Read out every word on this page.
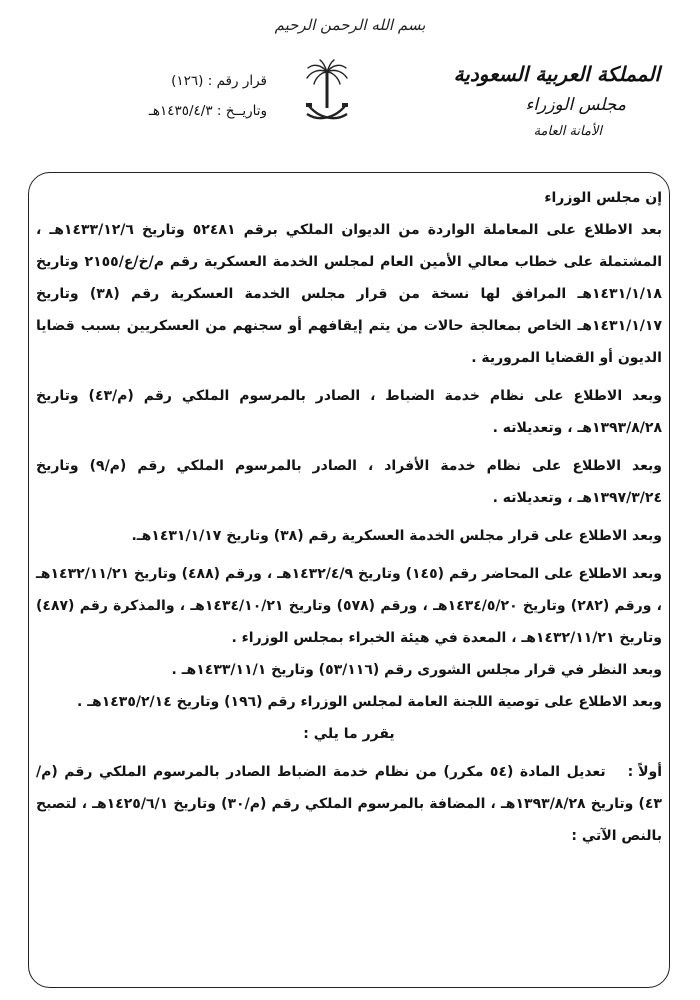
بسم الله الرحمن الرحيم
قرار رقم : (١٢٦)
وتاريــخ : ١٤٣٥/٤/٣هـ
المملكة العربية السعودية
مجلس الوزراء
الأمانة العامة

إن مجلس الوزراء

بعد الاطلاع على المعاملة الواردة من الديوان الملكي برقم ٥٢٤٨١ وتاريخ ١٤٣٣/١٢/٦هـ ، المشتملة على خطاب معالي الأمين العام لمجلس الخدمة العسكرية رقم م/خ/ع/٢١٥٥ وتاريخ ١٤٣١/١/١٨هـ المرافق لها نسخة من قرار مجلس الخدمة العسكرية رقم (٣٨) وتاريخ ١٤٣١/١/١٧هـ الخاص بمعالجة حالات من يتم إيقافهم أو سجنهم من العسكريين بسبب قضايا الديون أو القضايا المرورية .

وبعد الاطلاع على نظام خدمة الضباط ، الصادر بالمرسوم الملكي رقم (م/٤٣) وتاريخ ١٣٩٣/٨/٢٨هـ ، وتعديلاته .

وبعد الاطلاع على نظام خدمة الأفراد ، الصادر بالمرسوم الملكي رقم (م/٩) وتاريخ ١٣٩٧/٣/٢٤هـ ، وتعديلاته .

وبعد الاطلاع على قرار مجلس الخدمة العسكرية رقم (٣٨) وتاريخ ١٤٣١/١/١٧هـ.

وبعد الاطلاع على المحاضر رقم (١٤٥) وتاريخ ١٤٣٢/٤/٩هـ ، ورقم (٤٨٨) وتاريخ ١٤٣٢/١١/٢١هـ ، ورقم (٢٨٢) وتاريخ ١٤٣٤/٥/٢٠هـ ، ورقم (٥٧٨) وتاريخ ١٤٣٤/١٠/٢١هـ ، والمذكرة رقم (٤٨٧) وتاريخ ١٤٣٢/١١/٢١هـ ، المعدة في هيئة الخبراء بمجلس الوزراء .

وبعد النظر في قرار مجلس الشورى رقم (٥٣/١١٦) وتاريخ ١٤٣٣/١١/١هـ .

وبعد الاطلاع على توصية اللجنة العامة لمجلس الوزراء رقم (١٩٦) وتاريخ ١٤٣٥/٢/١٤هـ .

يقرر ما يلي :

أولاً :تعديل المادة (٥٤ مكرر) من نظام خدمة الضباط الصادر بالمرسوم الملكي رقم (م/٤٣) وتاريخ ١٣٩٣/٨/٢٨هـ ، المضافة بالمرسوم الملكي رقم (م/٣٠) وتاريخ ١٤٢٥/٦/١هـ ، لتصبح بالنص الآتي :
